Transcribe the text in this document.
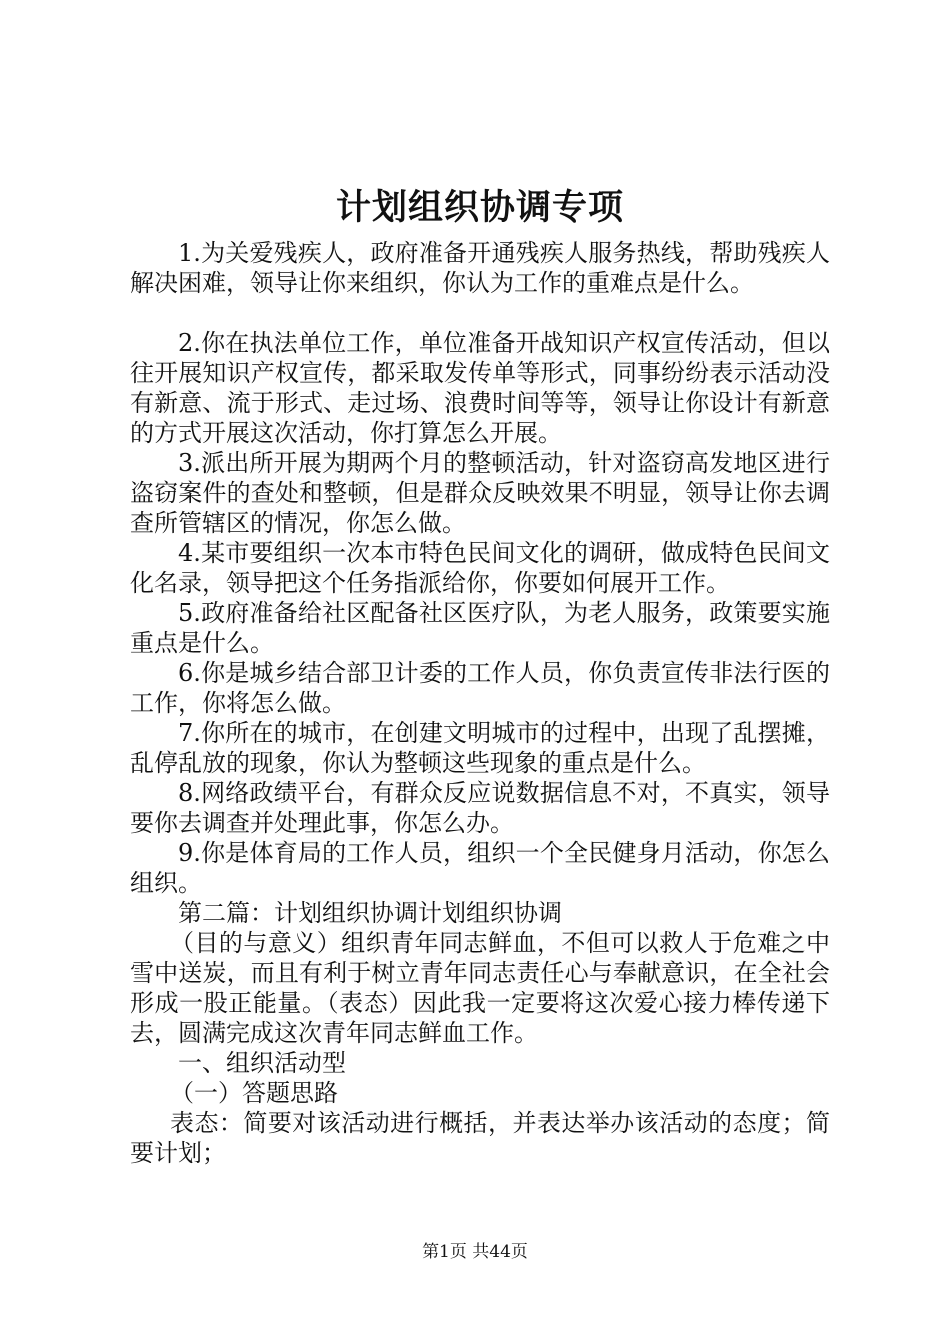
计划组织协调专项

1.为关爱残疾人，政府准备开通残疾人服务热线，帮助残疾人解决困难，领导让你来组织，你认为工作的重难点是什么。

2.你在执法单位工作，单位准备开战知识产权宣传活动，但以往开展知识产权宣传，都采取发传单等形式，同事纷纷表示活动没有新意、流于形式、走过场、浪费时间等等，领导让你设计有新意的方式开展这次活动，你打算怎么开展。

3.派出所开展为期两个月的整顿活动，针对盗窃高发地区进行盗窃案件的查处和整顿，但是群众反映效果不明显，领导让你去调查所管辖区的情况，你怎么做。

4.某市要组织一次本市特色民间文化的调研，做成特色民间文化名录，领导把这个任务指派给你，你要如何展开工作。

5.政府准备给社区配备社区医疗队，为老人服务，政策要实施重点是什么。

6.你是城乡结合部卫计委的工作人员，你负责宣传非法行医的工作，你将怎么做。

7.你所在的城市，在创建文明城市的过程中，出现了乱摆摊，乱停乱放的现象，你认为整顿这些现象的重点是什么。

8.网络政绩平台，有群众反应说数据信息不对，不真实，领导要你去调查并处理此事，你怎么办。

9.你是体育局的工作人员，组织一个全民健身月活动，你怎么组织。

第二篇：计划组织协调计划组织协调

（目的与意义）组织青年同志鲜血，不但可以救人于危难之中雪中送炭，而且有利于树立青年同志责任心与奉献意识，在全社会形成一股正能量。（表态）因此我一定要将这次爱心接力棒传递下去，圆满完成这次青年同志鲜血工作。

一、组织活动型

（一）答题思路

表态：简要对该活动进行概括，并表达举办该活动的态度；简要计划；

第1页 共44页
